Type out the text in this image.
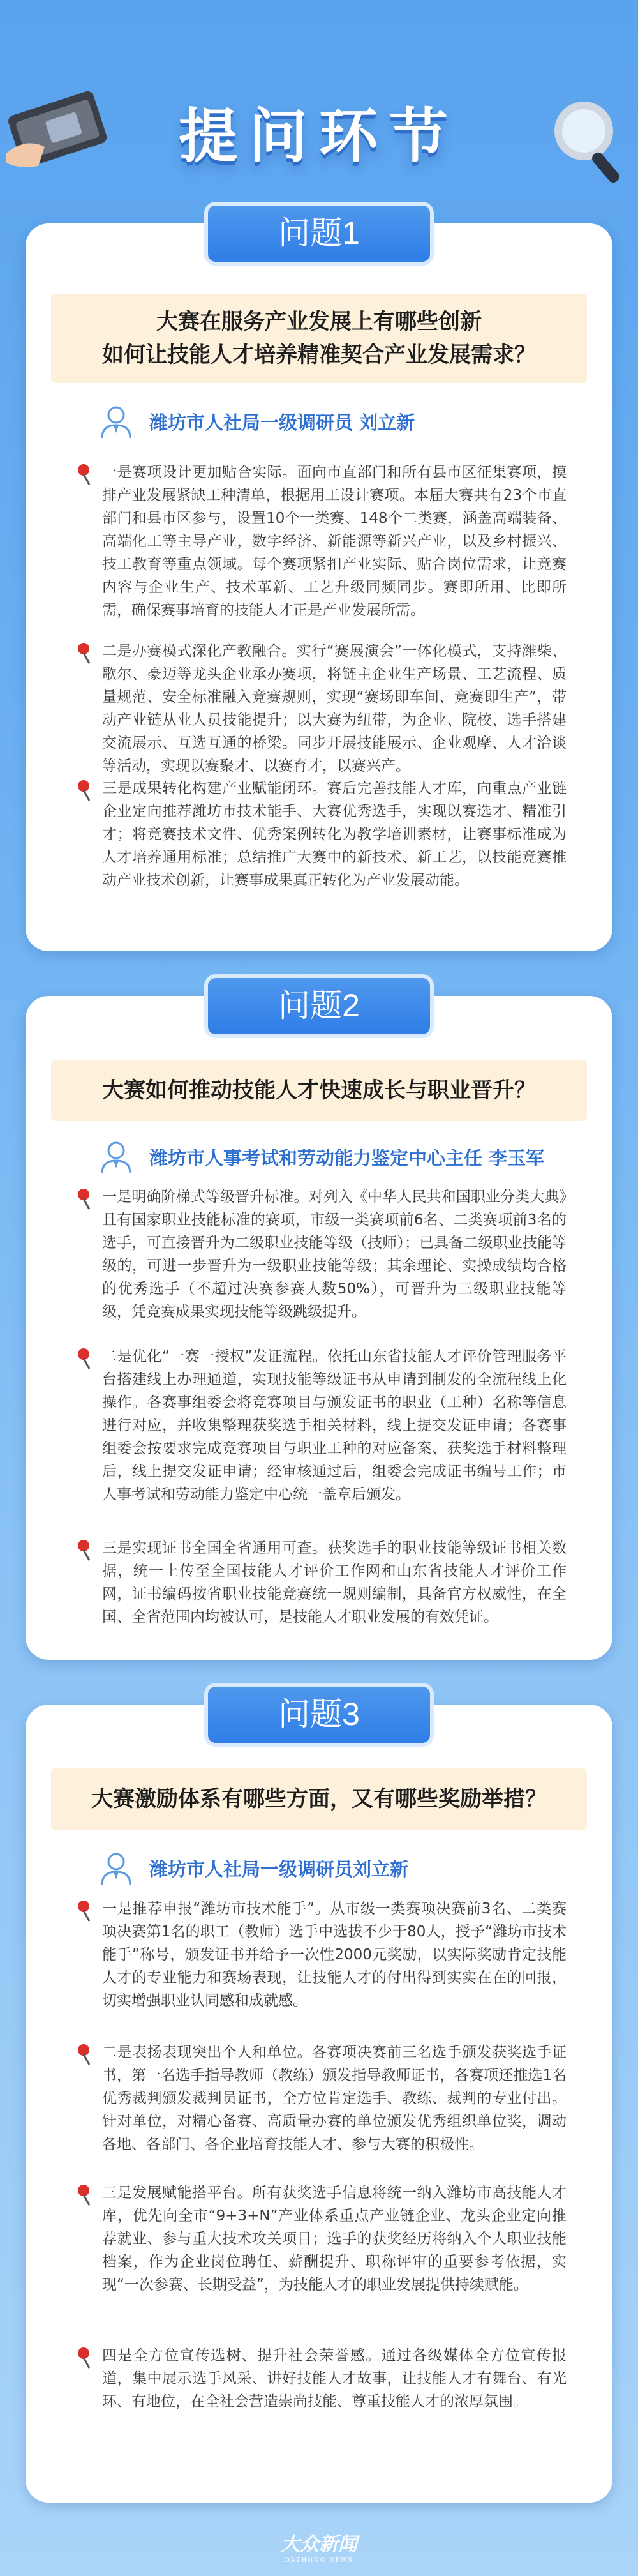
提问环节
问题1
大赛在服务产业发展上有哪些创新
如何让技能人才培养精准契合产业发展需求？
潍坊市人社局一级调研员 刘立新
一是赛项设计更加贴合实际。面向市直部门和所有县市区征集赛项，摸排产业发展紧缺工种清单，根据用工设计赛项。本届大赛共有23个市直部门和县市区参与，设置10个一类赛、148个二类赛，涵盖高端装备、高端化工等主导产业，数字经济、新能源等新兴产业，以及乡村振兴、技工教育等重点领域。每个赛项紧扣产业实际、贴合岗位需求，让竞赛内容与企业生产、技术革新、工艺升级同频同步。赛即所用、比即所需，确保赛事培育的技能人才正是产业发展所需。
二是办赛模式深化产教融合。实行“赛展演会”一体化模式，支持潍柴、歌尔、豪迈等龙头企业承办赛项，将链主企业生产场景、工艺流程、质量规范、安全标准融入竞赛规则，实现“赛场即车间、竞赛即生产”，带动产业链从业人员技能提升；以大赛为纽带，为企业、院校、选手搭建交流展示、互选互通的桥梁。同步开展技能展示、企业观摩、人才洽谈等活动，实现以赛聚才、以赛育才，以赛兴产。
三是成果转化构建产业赋能闭环。赛后完善技能人才库，向重点产业链企业定向推荐潍坊市技术能手、大赛优秀选手，实现以赛选才、精准引才；将竞赛技术文件、优秀案例转化为教学培训素材，让赛事标准成为人才培养通用标准；总结推广大赛中的新技术、新工艺，以技能竞赛推动产业技术创新，让赛事成果真正转化为产业发展动能。
问题2
大赛如何推动技能人才快速成长与职业晋升？
潍坊市人事考试和劳动能力鉴定中心主任 李玉军
一是明确阶梯式等级晋升标准。对列入《中华人民共和国职业分类大典》且有国家职业技能标准的赛项，市级一类赛项前6名、二类赛项前3名的选手，可直接晋升为二级职业技能等级（技师）；已具备二级职业技能等级的，可进一步晋升为一级职业技能等级；其余理论、实操成绩均合格的优秀选手（不超过决赛参赛人数50%），可晋升为三级职业技能等级，凭竞赛成果实现技能等级跳级提升。
二是优化“一赛一授权”发证流程。依托山东省技能人才评价管理服务平台搭建线上办理通道，实现技能等级证书从申请到制发的全流程线上化操作。各赛事组委会将竞赛项目与颁发证书的职业（工种）名称等信息进行对应，并收集整理获奖选手相关材料，线上提交发证申请；各赛事组委会按要求完成竞赛项目与职业工种的对应备案、获奖选手材料整理后，线上提交发证申请；经审核通过后，组委会完成证书编号工作；市人事考试和劳动能力鉴定中心统一盖章后颁发。
三是实现证书全国全省通用可查。获奖选手的职业技能等级证书相关数据，统一上传至全国技能人才评价工作网和山东省技能人才评价工作网，证书编码按省职业技能竞赛统一规则编制，具备官方权威性，在全国、全省范围内均被认可，是技能人才职业发展的有效凭证。
问题3
大赛激励体系有哪些方面，又有哪些奖励举措？
潍坊市人社局一级调研员刘立新
一是推荐申报“潍坊市技术能手”。从市级一类赛项决赛前3名、二类赛项决赛第1名的职工（教师）选手中选拔不少于80人，授予“潍坊市技术能手”称号，颁发证书并给予一次性2000元奖励，以实际奖励肯定技能人才的专业能力和赛场表现，让技能人才的付出得到实实在在的回报，切实增强职业认同感和成就感。
二是表扬表现突出个人和单位。各赛项决赛前三名选手颁发获奖选手证书，第一名选手指导教师（教练）颁发指导教师证书，各赛项还推选1名优秀裁判颁发裁判员证书，全方位肯定选手、教练、裁判的专业付出。针对单位，对精心备赛、高质量办赛的单位颁发优秀组织单位奖，调动各地、各部门、各企业培育技能人才、参与大赛的积极性。
三是发展赋能搭平台。所有获奖选手信息将统一纳入潍坊市高技能人才库，优先向全市“9+3+N”产业体系重点产业链企业、龙头企业定向推荐就业、参与重大技术攻关项目；选手的获奖经历将纳入个人职业技能档案，作为企业岗位聘任、薪酬提升、职称评审的重要参考依据，实现“一次参赛、长期受益”，为技能人才的职业发展提供持续赋能。
四是全方位宣传选树、提升社会荣誉感。通过各级媒体全方位宣传报道，集中展示选手风采、讲好技能人才故事，让技能人才有舞台、有光环、有地位，在全社会营造崇尚技能、尊重技能人才的浓厚氛围。
大众新闻
DAZHONG NEWS
